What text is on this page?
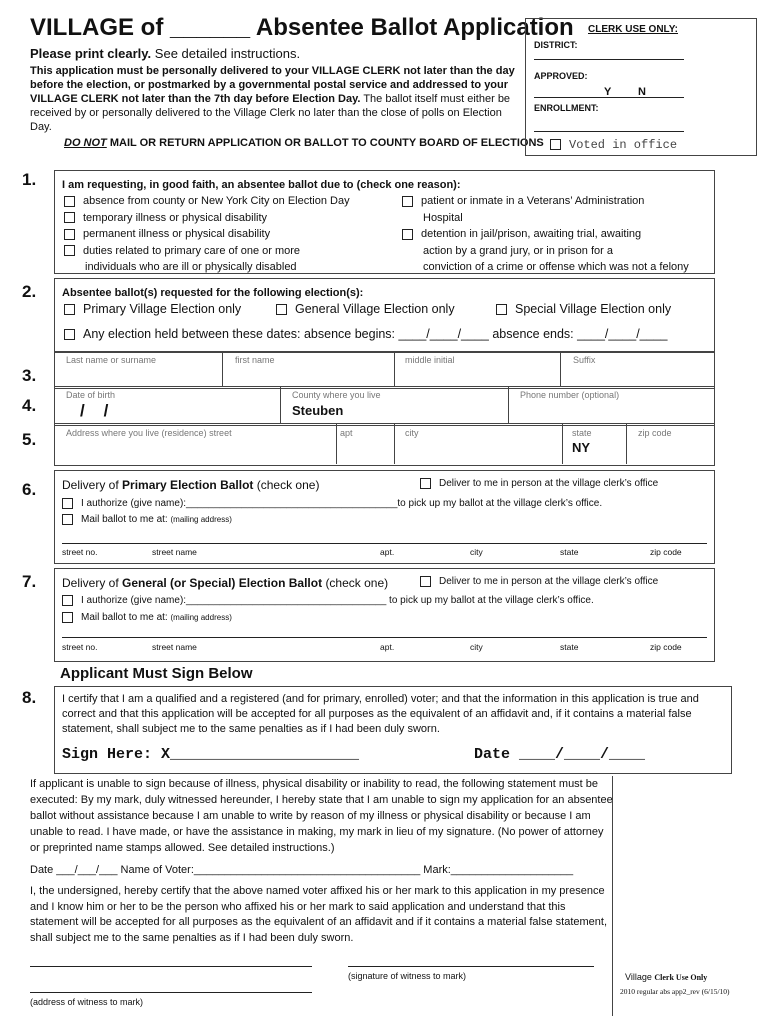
VILLAGE of ______ Absentee Ballot Application
Please print clearly. See detailed instructions.
This application must be personally delivered to your VILLAGE CLERK not later than the day before the election, or postmarked by a governmental postal service and addressed to your VILLAGE CLERK not later than the 7th day before Election Day. The ballot itself must either be received by or personally delivered to the Village Clerk no later than the close of polls on Election Day.
DO NOT MAIL OR RETURN APPLICATION OR BALLOT TO COUNTY BOARD OF ELECTIONS
CLERK USE ONLY:
DISTRICT:
APPROVED:
Y N
ENROLLMENT:
Voted in office
1. I am requesting, in good faith, an absentee ballot due to (check one reason):
absence from county or New York City on Election Day
temporary illness or physical disability
permanent illness or physical disability
duties related to primary care of one or more
individuals who are ill or physically disabled
patient or inmate in a Veterans’ Administration
Hospital
detention in jail/prison, awaiting trial, awaiting
action by a grand jury, or in prison for a
conviction of a crime or offense which was not a felony
2. Absentee ballot(s) requested for the following election(s):
Primary Village Election only	General Village Election only	Special Village Election only
Any election held between these dates: absence begins: ____/____/____ absence ends: ____/____/____
3.
4.
5.
Last name or surname	first name	middle initial	Suffix
Date of birth
/    /
County where you live
Steuben
Phone number (optional)
Address where you live (residence) street	apt	city	state
NY
zip code
6. Delivery of Primary Election Ballot (check one)	Deliver to me in person at the village clerk’s office
I authorize (give name):______________________________________to pick up my ballot at the village clerk’s office.
Mail ballot to me at: (mailing address)
street no.	street name	apt.	city	state	zip code
7. Delivery of General (or Special) Election Ballot (check one)	Deliver to me in person at the village clerk’s office
I authorize (give name):____________________________________ to pick up my ballot at the village clerk’s office.
Mail ballot to me at: (mailing address)
street no.	street name	apt.	city	state	zip code
Applicant Must Sign Below
8. I certify that I am a qualified and a registered (and for primary, enrolled) voter; and that the information in this application is true and correct and that this application will be accepted for all purposes as the equivalent of an affidavit and, if it contains a material false statement, shall subject me to the same penalties as if I had been duly sworn.
Sign Here: X_____________________	Date ____/____/____
If applicant is unable to sign because of illness, physical disability or inability to read, the following statement must be executed: By my mark, duly witnessed hereunder, I hereby state that I am unable to sign my application for an absentee ballot without assistance because I am unable to write by reason of my illness or physical disability or because I am unable to read. I have made, or have the assistance in making, my mark in lieu of my signature. (No power of attorney or preprinted name stamps allowed. See detailed instructions.)
Date ___/___/___ Name of Voter:_____________________________________ Mark:____________________
I, the undersigned, hereby certify that the above named voter affixed his or her mark to this application in my presence and I know him or her to be the person who affixed his or her mark to said application and understand that this statement will be accepted for all purposes as the equivalent of an affidavit and if it contains a material false statement, shall subject me to the same penalties as if I had been duly sworn.
(signature of witness to mark)
(address of witness to mark)
Village Clerk Use Only
2010 regular abs app2_rev (6/15/10)
